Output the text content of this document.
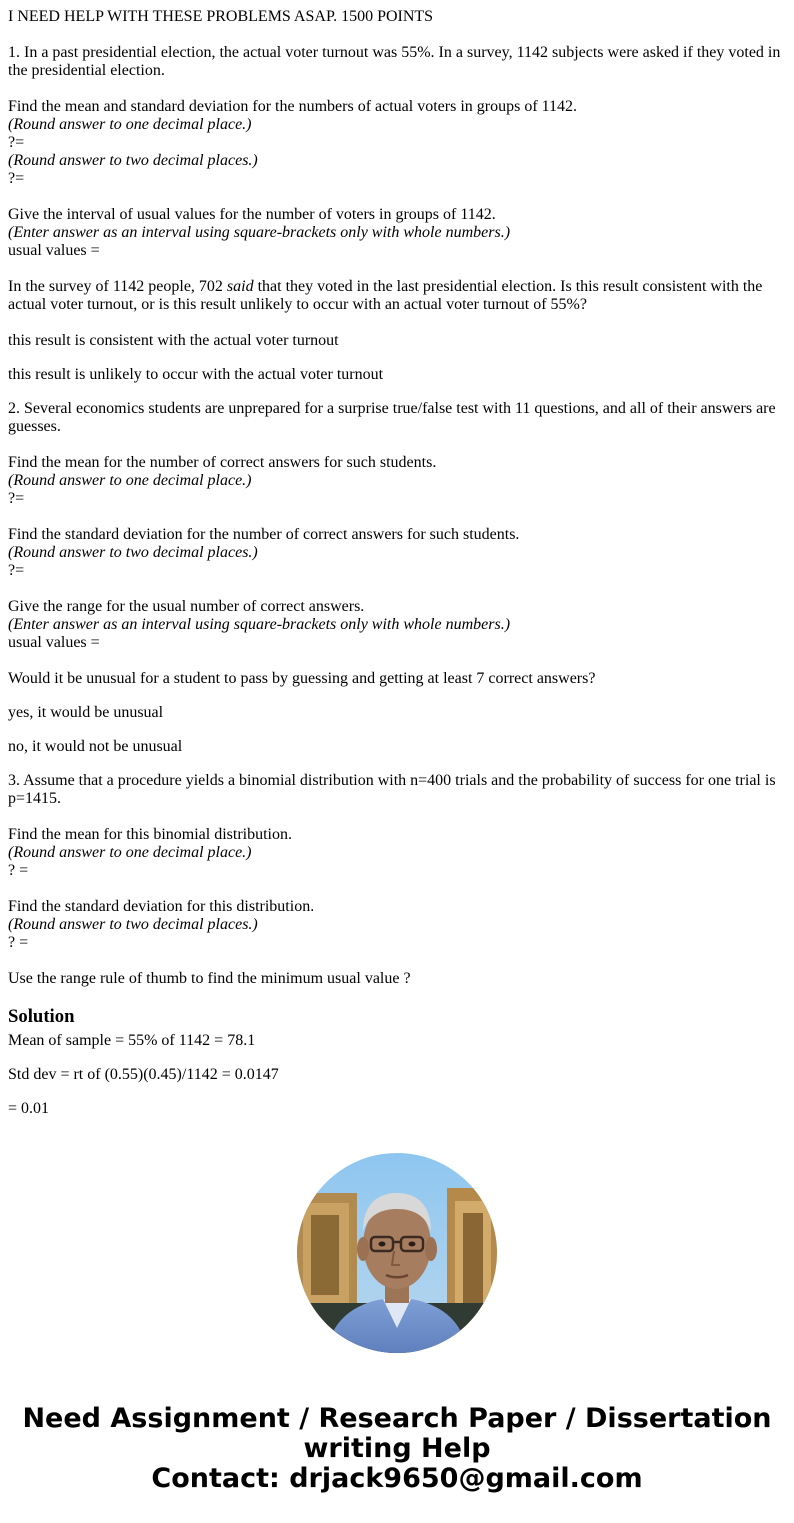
I NEED HELP WITH THESE PROBLEMS ASAP. 1500 POINTS

1. In a past presidential election, the actual voter turnout was 55%. In a survey, 1142 subjects were asked if they voted in the presidential election.

Find the mean and standard deviation for the numbers of actual voters in groups of 1142.
(Round answer to one decimal place.)
?=
(Round answer to two decimal places.)
?=

Give the interval of usual values for the number of voters in groups of 1142.
(Enter answer as an interval using square-brackets only with whole numbers.)
usual values =

In the survey of 1142 people, 702 said that they voted in the last presidential election. Is this result consistent with the actual voter turnout, or is this result unlikely to occur with an actual voter turnout of 55%?

this result is consistent with the actual voter turnout

this result is unlikely to occur with the actual voter turnout

2. Several economics students are unprepared for a surprise true/false test with 11 questions, and all of their answers are guesses.

Find the mean for the number of correct answers for such students.
(Round answer to one decimal place.)
?=

Find the standard deviation for the number of correct answers for such students.
(Round answer to two decimal places.)
?=

Give the range for the usual number of correct answers.
(Enter answer as an interval using square-brackets only with whole numbers.)
usual values =

Would it be unusual for a student to pass by guessing and getting at least 7 correct answers?

yes, it would be unusual

no, it would not be unusual

3. Assume that a procedure yields a binomial distribution with n=400 trials and the probability of success for one trial is p=1415.

Find the mean for this binomial distribution.
(Round answer to one decimal place.)
? =

Find the standard deviation for this distribution.
(Round answer to two decimal places.)
? =

Use the range rule of thumb to find the minimum usual value ?

Solution

Mean of sample = 55% of 1142 = 78.1

Std dev = rt of (0.55)(0.45)/1142 = 0.0147

= 0.01

Need Assignment / Research Paper / Dissertation
writing Help
Contact: drjack9650@gmail.com
